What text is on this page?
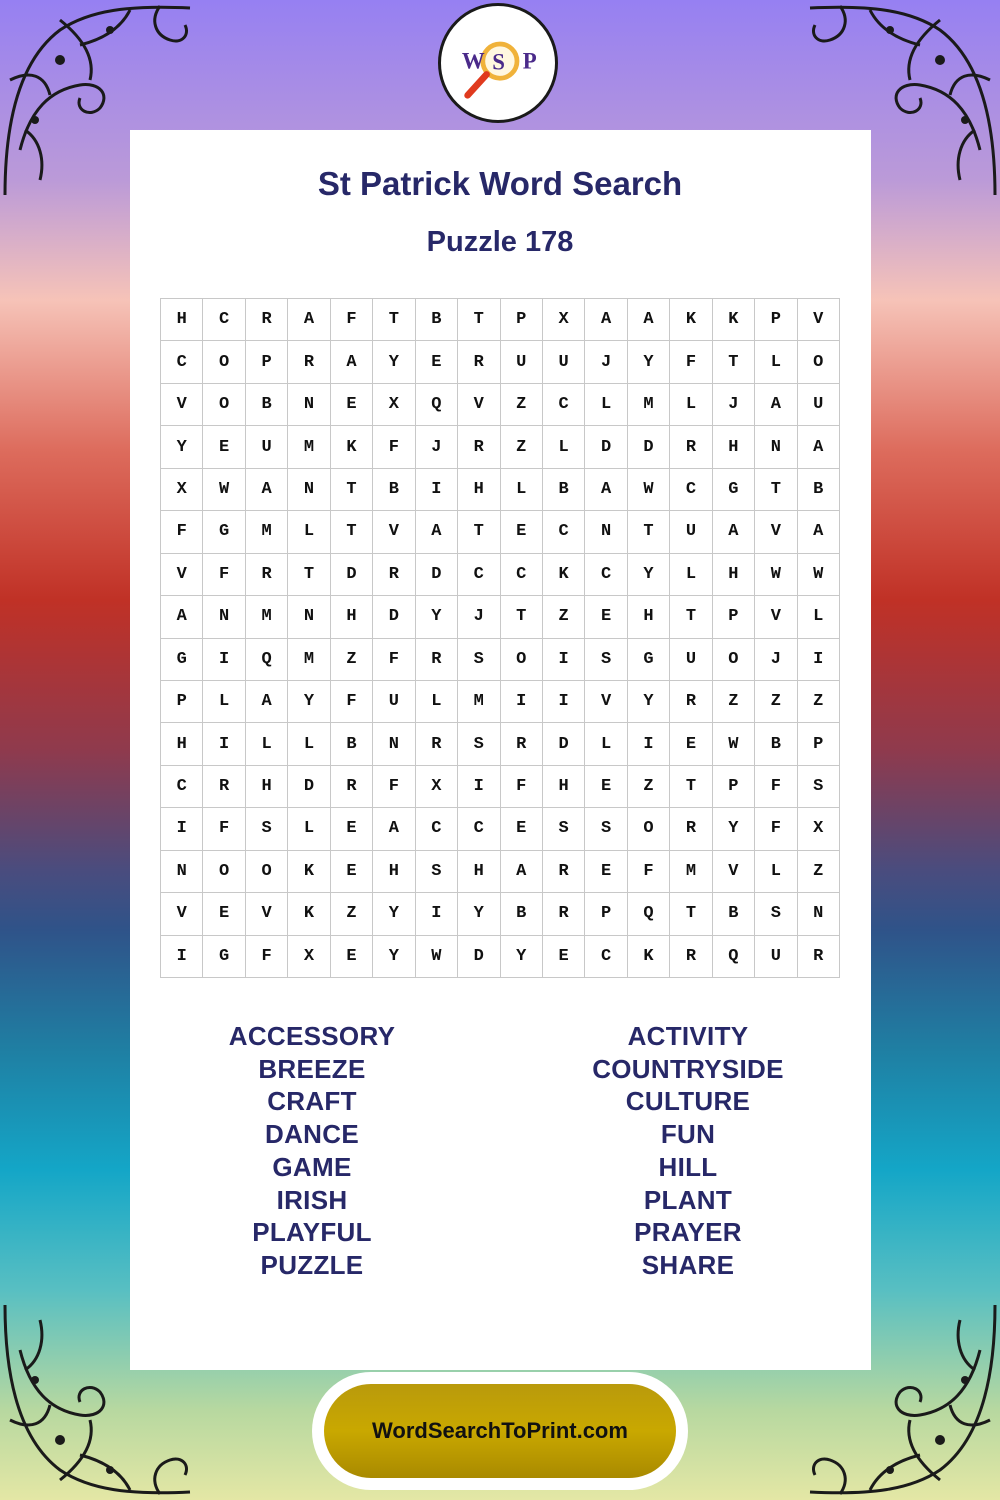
W S P
St Patrick Word Search
Puzzle 178
H	C	R	A	F	T	B	T	P	X	A	A	K	K	P	V
C	O	P	R	A	Y	E	R	U	U	J	Y	F	T	L	O
V	O	B	N	E	X	Q	V	Z	C	L	M	L	J	A	U
Y	E	U	M	K	F	J	R	Z	L	D	D	R	H	N	A
X	W	A	N	T	B	I	H	L	B	A	W	C	G	T	B
F	G	M	L	T	V	A	T	E	C	N	T	U	A	V	A
V	F	R	T	D	R	D	C	C	K	C	Y	L	H	W	W
A	N	M	N	H	D	Y	J	T	Z	E	H	T	P	V	L
G	I	Q	M	Z	F	R	S	O	I	S	G	U	O	J	I
P	L	A	Y	F	U	L	M	I	I	V	Y	R	Z	Z	Z
H	I	L	L	B	N	R	S	R	D	L	I	E	W	B	P
C	R	H	D	R	F	X	I	F	H	E	Z	T	P	F	S
I	F	S	L	E	A	C	C	E	S	S	O	R	Y	F	X
N	O	O	K	E	H	S	H	A	R	E	F	M	V	L	Z
V	E	V	K	Z	Y	I	Y	B	R	P	Q	T	B	S	N
I	G	F	X	E	Y	W	D	Y	E	C	K	R	Q	U	R
ACCESSORY
BREEZE
CRAFT
DANCE
GAME
IRISH
PLAYFUL
PUZZLE
ACTIVITY
COUNTRYSIDE
CULTURE
FUN
HILL
PLANT
PRAYER
SHARE
WordSearchToPrint.com
